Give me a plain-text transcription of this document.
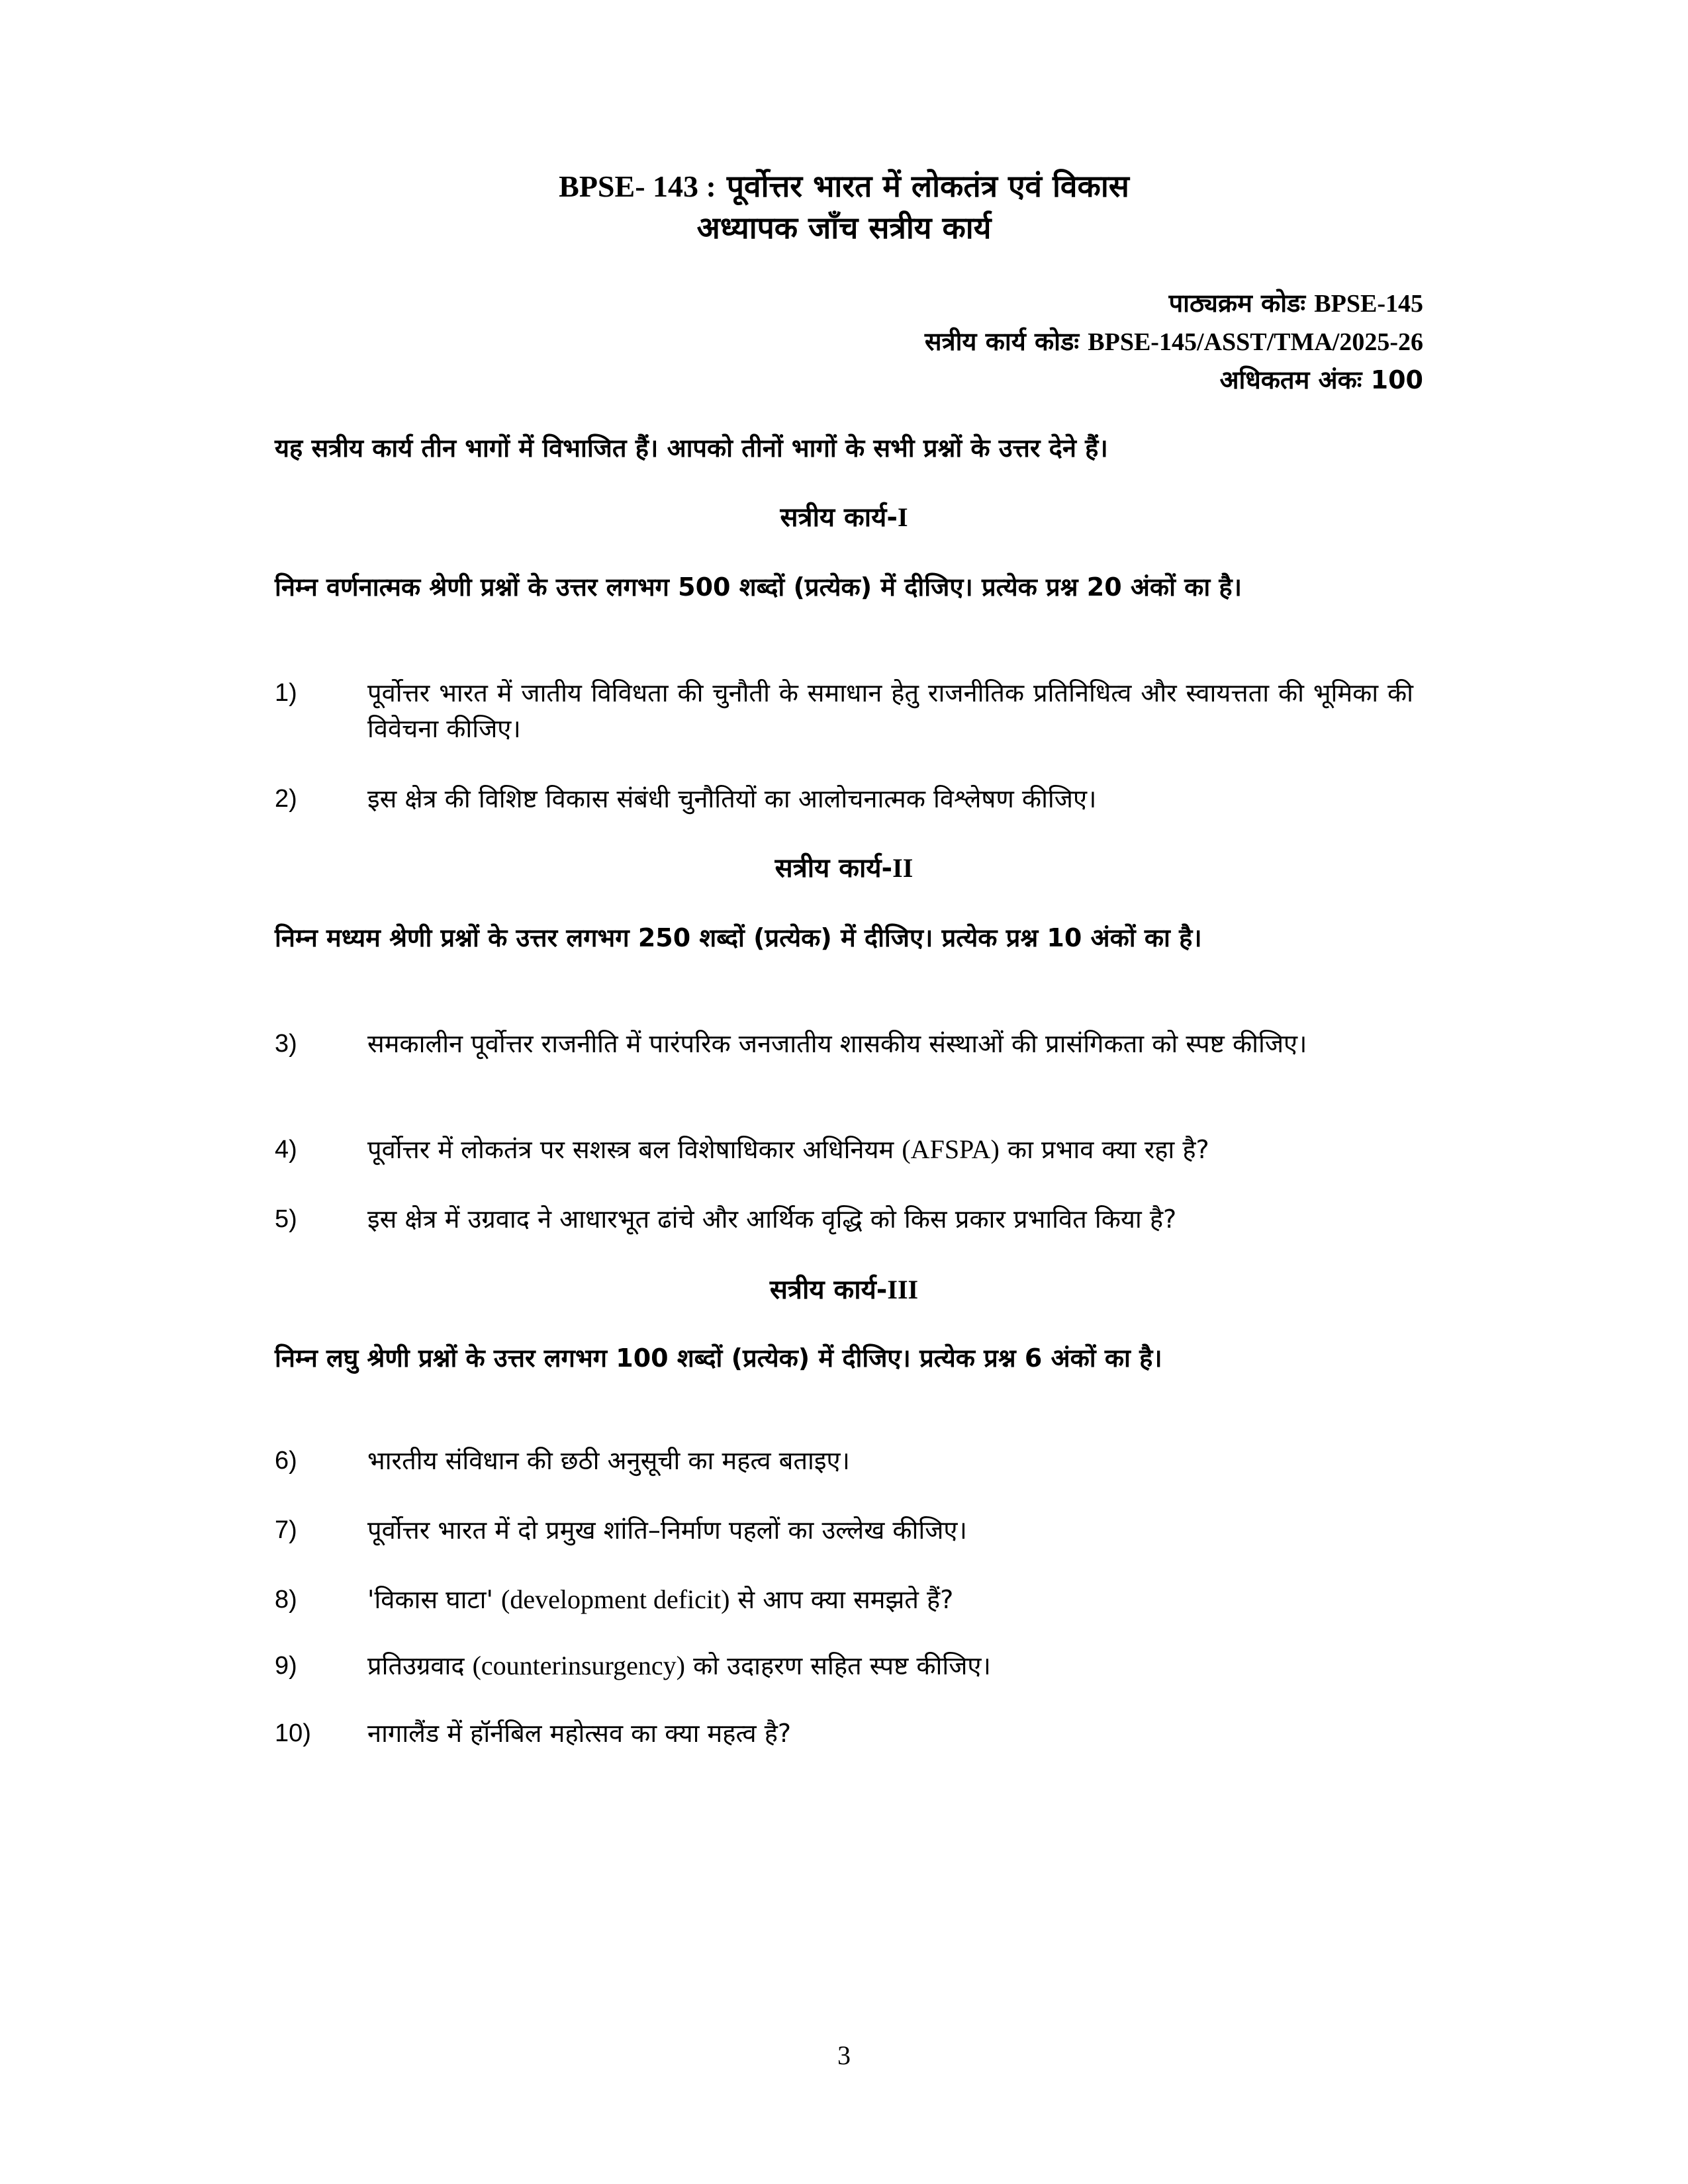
BPSE- 143 : पूर्वोत्तर भारत में लोकतंत्र एवं विकास
अध्यापक जाँच सत्रीय कार्य
पाठ्यक्रम कोडः BPSE-145
सत्रीय कार्य कोडः BPSE-145/ASST/TMA/2025-26
अधिकतम अंकः 100
यह सत्रीय कार्य तीन भागों में विभाजित हैं। आपको तीनों भागों के सभी प्रश्नों के उत्तर देने हैं।
सत्रीय कार्य-I
निम्न वर्णनात्मक श्रेणी प्रश्नों के उत्तर लगभग 500 शब्दों (प्रत्येक) में दीजिए। प्रत्येक प्रश्न 20 अंकों का है।
1)	पूर्वोत्तर भारत में जातीय विविधता की चुनौती के समाधान हेतु राजनीतिक प्रतिनिधित्व और स्वायत्तता की भूमिका की विवेचना कीजिए।
2)	इस क्षेत्र की विशिष्ट विकास संबंधी चुनौतियों का आलोचनात्मक विश्लेषण कीजिए।
सत्रीय कार्य-II
निम्न मध्यम श्रेणी प्रश्नों के उत्तर लगभग 250 शब्दों (प्रत्येक) में दीजिए। प्रत्येक प्रश्न 10 अंकों का है।
3)	समकालीन पूर्वोत्तर राजनीति में पारंपरिक जनजातीय शासकीय संस्थाओं की प्रासंगिकता को स्पष्ट कीजिए।
4)	पूर्वोत्तर में लोकतंत्र पर सशस्त्र बल विशेषाधिकार अधिनियम (AFSPA) का प्रभाव क्या रहा है?
5)	इस क्षेत्र में उग्रवाद ने आधारभूत ढांचे और आर्थिक वृद्धि को किस प्रकार प्रभावित किया है?
सत्रीय कार्य-III
निम्न लघु श्रेणी प्रश्नों के उत्तर लगभग 100 शब्दों (प्रत्येक) में दीजिए। प्रत्येक प्रश्न 6 अंकों का है।
6)	भारतीय संविधान की छठी अनुसूची का महत्व बताइए।
7)	पूर्वोत्तर भारत में दो प्रमुख शांति–निर्माण पहलों का उल्लेख कीजिए।
8)	'विकास घाटा' (development deficit) से आप क्या समझते हैं?
9)	प्रतिउग्रवाद (counterinsurgency) को उदाहरण सहित स्पष्ट कीजिए।
10) नागालैंड में हॉर्नबिल महोत्सव का क्या महत्व है?
3
